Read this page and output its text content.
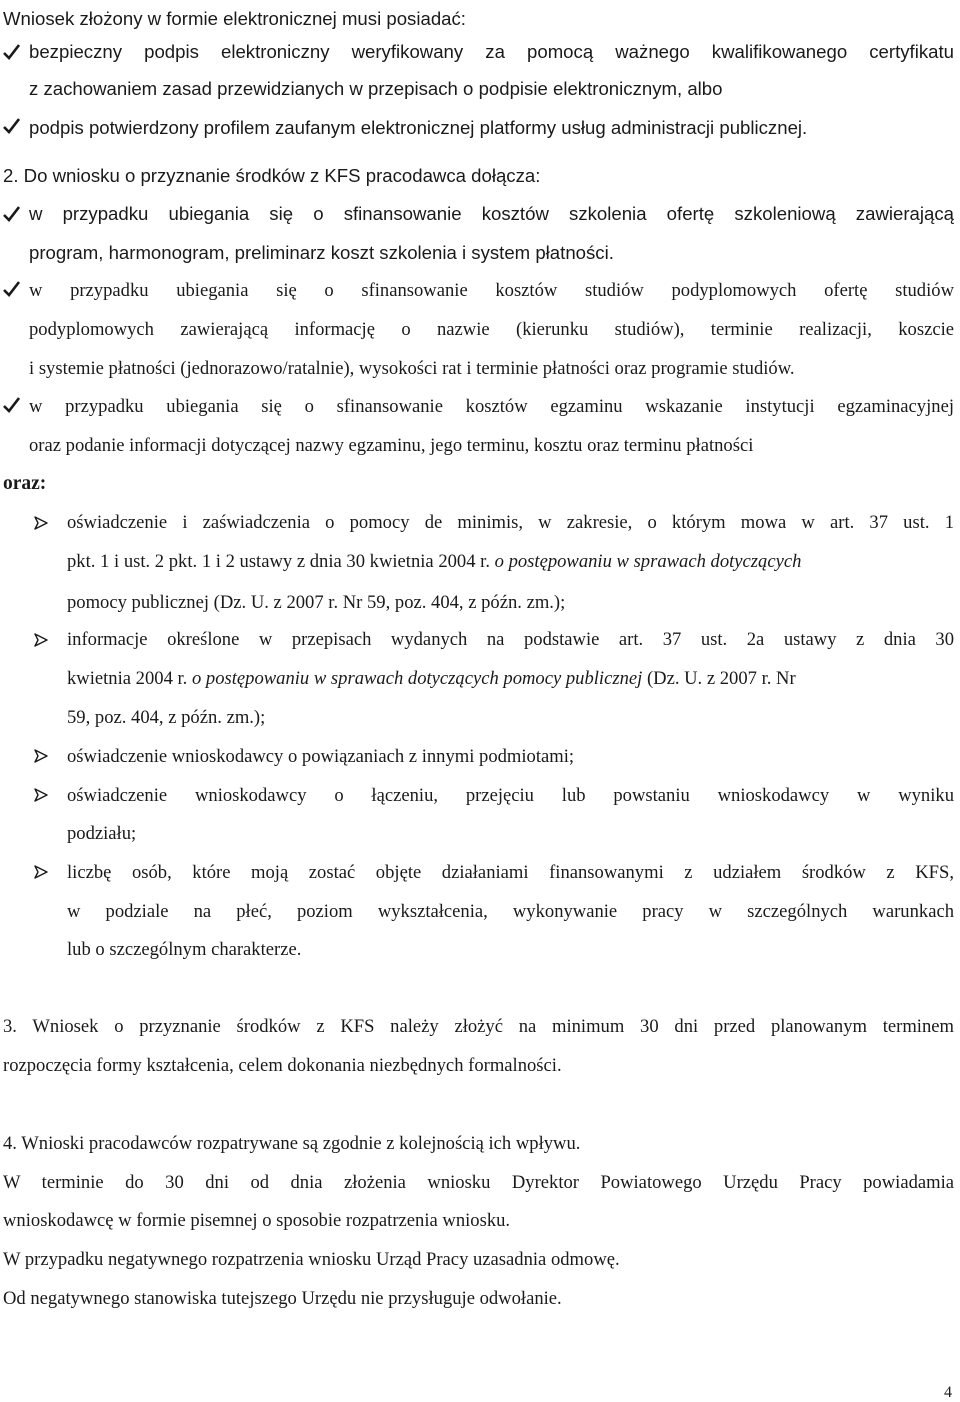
Wniosek złożony w formie elektronicznej musi posiadać:
bezpieczny podpis elektroniczny weryfikowany za pomocą ważnego kwalifikowanego certyfikatu
z zachowaniem zasad przewidzianych w przepisach o podpisie elektronicznym, albo
podpis potwierdzony profilem zaufanym elektronicznej platformy usług administracji publicznej.
2. Do wniosku o przyznanie środków z KFS pracodawca dołącza:
w przypadku ubiegania się o sfinansowanie kosztów szkolenia ofertę szkoleniową zawierającą
program, harmonogram, preliminarz koszt szkolenia i system płatności.
w przypadku ubiegania się o sfinansowanie kosztów studiów podyplomowych ofertę studiów
podyplomowych zawierającą informację o nazwie (kierunku studiów), terminie realizacji, koszcie
i systemie płatności (jednorazowo/ratalnie), wysokości rat i terminie płatności oraz programie studiów.
w przypadku ubiegania się o sfinansowanie kosztów egzaminu wskazanie instytucji egzaminacyjnej
oraz podanie informacji dotyczącej nazwy egzaminu, jego terminu, kosztu oraz terminu płatności
oraz:
oświadczenie i zaświadczenia o pomocy de minimis, w zakresie, o którym mowa w art. 37 ust. 1
pkt. 1 i ust. 2 pkt. 1 i 2 ustawy z dnia 30 kwietnia 2004 r. o postępowaniu w sprawach dotyczących
pomocy publicznej (Dz. U. z 2007 r. Nr 59, poz. 404, z późn. zm.);
informacje określone w przepisach wydanych na podstawie art. 37 ust. 2a ustawy z dnia 30
kwietnia 2004 r. o postępowaniu w sprawach dotyczących pomocy publicznej (Dz. U. z 2007 r. Nr
59, poz. 404, z późn. zm.);
oświadczenie wnioskodawcy o powiązaniach z innymi podmiotami;
oświadczenie wnioskodawcy o łączeniu, przejęciu lub powstaniu wnioskodawcy w wyniku
podziału;
liczbę osób, które moją zostać objęte działaniami finansowanymi z udziałem środków z KFS,
w podziale na płeć, poziom wykształcenia, wykonywanie pracy w szczególnych warunkach
lub o szczególnym charakterze.
3. Wniosek o przyznanie środków z KFS należy złożyć na minimum 30 dni przed planowanym terminem
rozpoczęcia formy kształcenia, celem dokonania niezbędnych formalności.
4. Wnioski pracodawców rozpatrywane są zgodnie z kolejnością ich wpływu.
W terminie do 30 dni od dnia złożenia wniosku Dyrektor Powiatowego Urzędu Pracy powiadamia
wnioskodawcę w formie pisemnej o sposobie rozpatrzenia wniosku.
W przypadku negatywnego rozpatrzenia wniosku Urząd Pracy uzasadnia odmowę.
Od negatywnego stanowiska tutejszego Urzędu nie przysługuje odwołanie.
4
